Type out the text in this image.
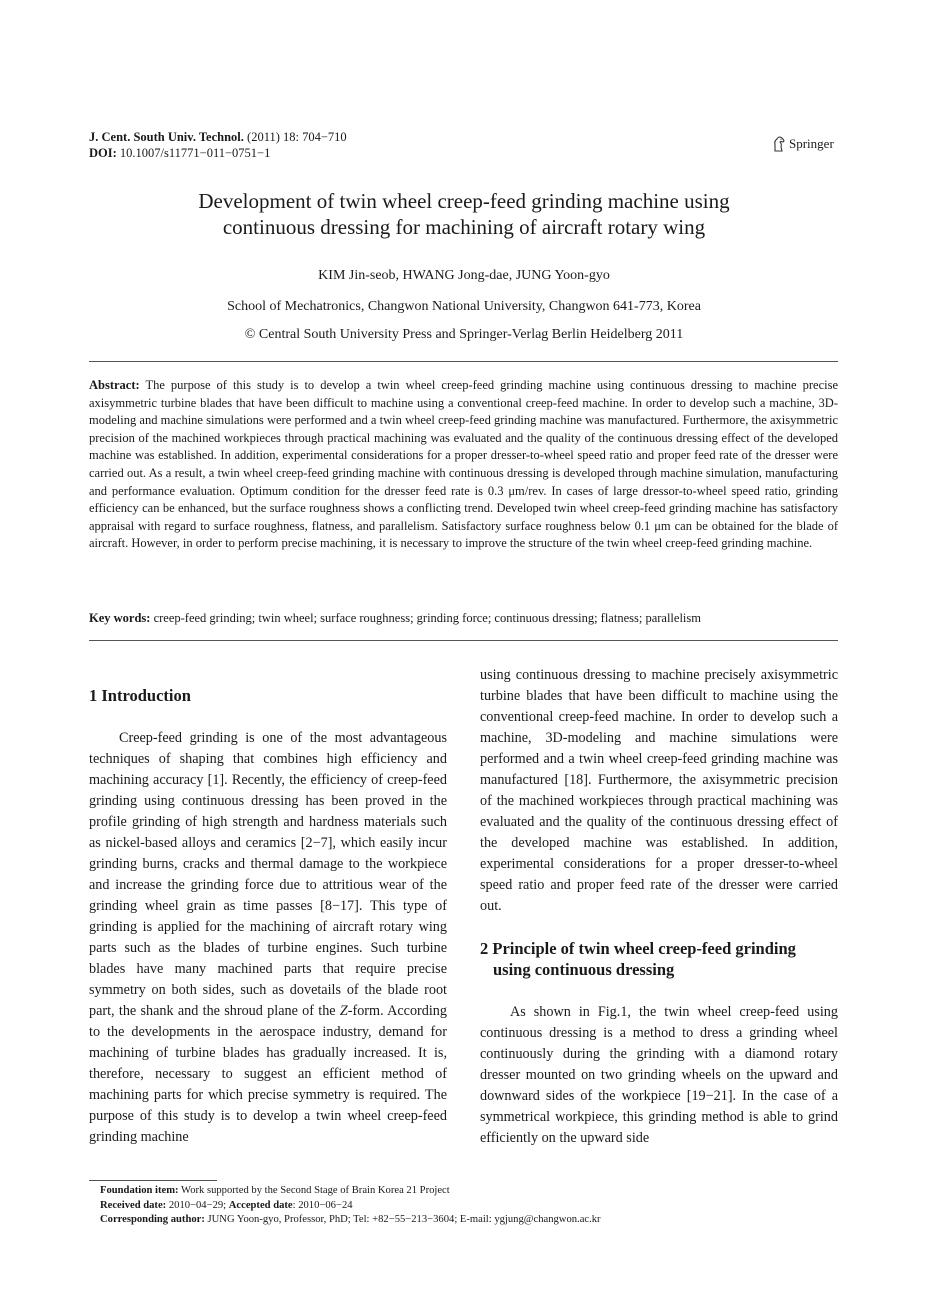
J. Cent. South Univ. Technol. (2011) 18: 704−710
DOI: 10.1007/s11771−011−0751−1
Springer
Development of twin wheel creep-feed grinding machine using
continuous dressing for machining of aircraft rotary wing
KIM Jin-seob, HWANG Jong-dae, JUNG Yoon-gyo
School of Mechatronics, Changwon National University, Changwon 641-773, Korea
© Central South University Press and Springer-Verlag Berlin Heidelberg 2011
Abstract: The purpose of this study is to develop a twin wheel creep-feed grinding machine using continuous dressing to machine precise axisymmetric turbine blades that have been difficult to machine using a conventional creep-feed machine. In order to develop such a machine, 3D-modeling and machine simulations were performed and a twin wheel creep-feed grinding machine was manufactured. Furthermore, the axisymmetric precision of the machined workpieces through practical machining was evaluated and the quality of the continuous dressing effect of the developed machine was established. In addition, experimental considerations for a proper dresser-to-wheel speed ratio and proper feed rate of the dresser were carried out. As a result, a twin wheel creep-feed grinding machine with continuous dressing is developed through machine simulation, manufacturing and performance evaluation. Optimum condition for the dresser feed rate is 0.3 μm/rev. In cases of large dressor-to-wheel speed ratio, grinding efficiency can be enhanced, but the surface roughness shows a conflicting trend. Developed twin wheel creep-feed grinding machine has satisfactory appraisal with regard to surface roughness, flatness, and parallelism. Satisfactory surface roughness below 0.1 μm can be obtained for the blade of aircraft. However, in order to perform precise machining, it is necessary to improve the structure of the twin wheel creep-feed grinding machine.
Key words: creep-feed grinding; twin wheel; surface roughness; grinding force; continuous dressing; flatness; parallelism
1 Introduction

Creep-feed grinding is one of the most advantageous techniques of shaping that combines high efficiency and machining accuracy [1]. Recently, the efficiency of creep-feed grinding using continuous dressing has been proved in the profile grinding of high strength and hardness materials such as nickel-based alloys and ceramics [2−7], which easily incur grinding burns, cracks and thermal damage to the workpiece and increase the grinding force due to attritious wear of the grinding wheel grain as time passes [8−17]. This type of grinding is applied for the machining of aircraft rotary wing parts such as the blades of turbine engines. Such turbine blades have many machined parts that require precise symmetry on both sides, such as dovetails of the blade root part, the shank and the shroud plane of the Z-form. According to the developments in the aerospace industry, demand for machining of turbine blades has gradually increased. It is, therefore, necessary to suggest an efficient method of machining parts for which precise symmetry is required. The purpose of this study is to develop a twin wheel creep-feed grinding machine

using continuous dressing to machine precisely axisymmetric turbine blades that have been difficult to machine using the conventional creep-feed machine. In order to develop such a machine, 3D-modeling and machine simulations were performed and a twin wheel creep-feed grinding machine was manufactured [18]. Furthermore, the axisymmetric precision of the machined workpieces through practical machining was evaluated and the quality of the continuous dressing effect of the developed machine was established. In addition, experimental considerations for a proper dresser-to-wheel speed ratio and proper feed rate of the dresser were carried out.

2 Principle of twin wheel creep-feed grinding
using continuous dressing

As shown in Fig.1, the twin wheel creep-feed using continuous dressing is a method to dress a grinding wheel continuously during the grinding with a diamond rotary dresser mounted on two grinding wheels on the upward and downward sides of the workpiece [19−21]. In the case of a symmetrical workpiece, this grinding method is able to grind efficiently on the upward side

Foundation item: Work supported by the Second Stage of Brain Korea 21 Project
Received date: 2010−04−29; Accepted date: 2010−06−24
Corresponding author: JUNG Yoon-gyo, Professor, PhD; Tel: +82−55−213−3604; E-mail: ygjung@changwon.ac.kr
